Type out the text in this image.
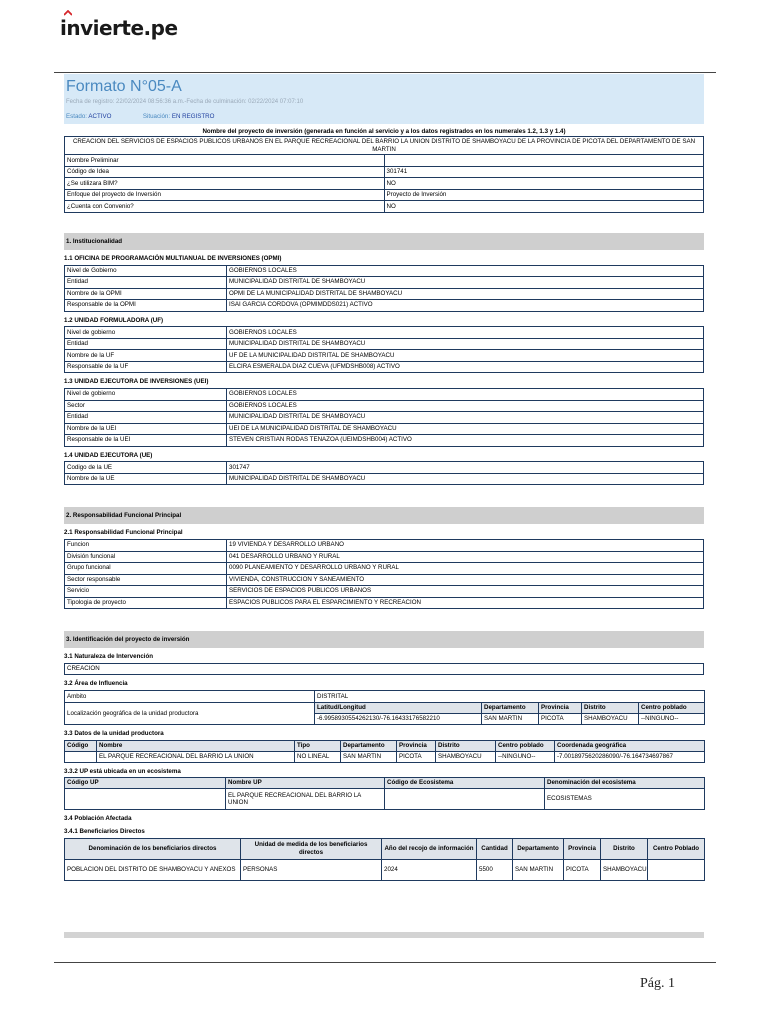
invierte.pe
Formato N°05-A
Fecha de registro: 22/02/2024 08:56:36 a.m.-Fecha de culminación: 02/22/2024 07:07:10
Estado: ACTIVO	Situación: EN REGISTRO
Nombre del proyecto de inversión (generada en función al servicio y a los datos registrados en los numerales 1.2, 1.3 y 1.4)
CREACION DEL SERVICIOS DE ESPACIOS PUBLICOS URBANOS EN EL PARQUE RECREACIONAL DEL BARRIO LA UNION DISTRITO DE SHAMBOYACU DE LA PROVINCIA DE PICOTA DEL DEPARTAMENTO DE SAN MARTIN	
Nombre Preliminar	
Código de Idea	301741
¿Se utilizara BIM?	NO
Enfoque del proyecto de Inversión	Proyecto de Inversión
¿Cuenta con Convenio?	NO
1. Institucionalidad
1.1 OFICINA DE PROGRAMACIÓN MULTIANUAL DE INVERSIONES (OPMI)
Nivel de Gobierno	GOBIERNOS LOCALES
Entidad	MUNICIPALIDAD DISTRITAL DE SHAMBOYACU
Nombre de la OPMI	OPMI DE LA MUNICIPALIDAD DISTRITAL DE SHAMBOYACU
Responsable de la OPMI	ISAI GARCIA CORDOVA (OPMIMDDS021) ACTIVO
1.2 UNIDAD FORMULADORA (UF)
Nivel de gobierno	GOBIERNOS LOCALES
Entidad	MUNICIPALIDAD DISTRITAL DE SHAMBOYACU
Nombre de la UF	UF DE LA MUNICIPALIDAD DISTRITAL DE SHAMBOYACU
Responsable de la UF	ELCIRA ESMERALDA DIAZ CUEVA (UFMDSHB008) ACTIVO
1.3 UNIDAD EJECUTORA DE INVERSIONES (UEI)
Nivel de gobierno	GOBIERNOS LOCALES
Sector	GOBIERNOS LOCALES
Entidad	MUNICIPALIDAD DISTRITAL DE SHAMBOYACU
Nombre de la UEI	UEI DE LA MUNICIPALIDAD DISTRITAL DE SHAMBOYACU
Responsable de la UEI	STEVEN CRISTIAN RODAS TENAZOA (UEIMDSHB004) ACTIVO
1.4 UNIDAD EJECUTORA (UE)
Codigo de la UE	301747
Nombre de la UE	MUNICIPALIDAD DISTRITAL DE SHAMBOYACU
2. Responsabilidad Funcional Principal
2.1 Responsabilidad Funcional Principal
Funcion	19 VIVIENDA Y DESARROLLO URBANO
División funcional	041 DESARROLLO URBANO Y RURAL
Grupo funcional	0090 PLANEAMIENTO Y DESARROLLO URBANO Y RURAL
Sector responsable	VIVIENDA, CONSTRUCCION Y SANEAMIENTO
Servicio	SERVICIOS DE ESPACIOS PUBLICOS URBANOS
Tipologia de proyecto	ESPACIOS PUBLICOS PARA EL ESPARCIMIENTO Y RECREACION
3. Identificación del proyecto de inversión
3.1 Naturaleza de Intervención
CREACION
3.2 Área de Influencia
Ambito	DISTRITAL				
Localización geográfica de la unidad productora	Latitud/Longitud	Departamento	Provincia	Distrito	Centro poblado
	-6.9958930554262130/-76.16433176582210	SAN MARTIN	PICOTA	SHAMBOYACU	--NINGUNO--
3.3 Datos de la unidad productora
Código	Nombre	Tipo	Departamento	Provincia	Distrito	Centro poblado	Coordenada geográfica
	EL PARQUE RECREACIONAL DEL BARRIO LA UNION	NO LINEAL	SAN MARTIN	PICOTA	SHAMBOYACU	--NINGUNO--	-7.0018975620286090/-76.164734697867
3.3.2 UP está ubicada en un ecosistema
Código UP	Nombre UP	Código de Ecosistema	Denominación del ecosistema
	EL PARQUE RECREACIONAL DEL BARRIO LA UNION		ECOSISTEMAS
3.4 Población Afectada
3.4.1 Beneficiarios Directos
Denominación de los beneficiarios directos	Unidad de medida de los beneficiarios directos	Año del recojo de información	Cantidad	Departamento	Provincia	Distrito	Centro Poblado
POBLACION DEL DISTRITO DE SHAMBOYACU Y ANEXOS	PERSONAS	2024	5500	SAN MARTIN	PICOTA	SHAMBOYACU	
Pág. 1
